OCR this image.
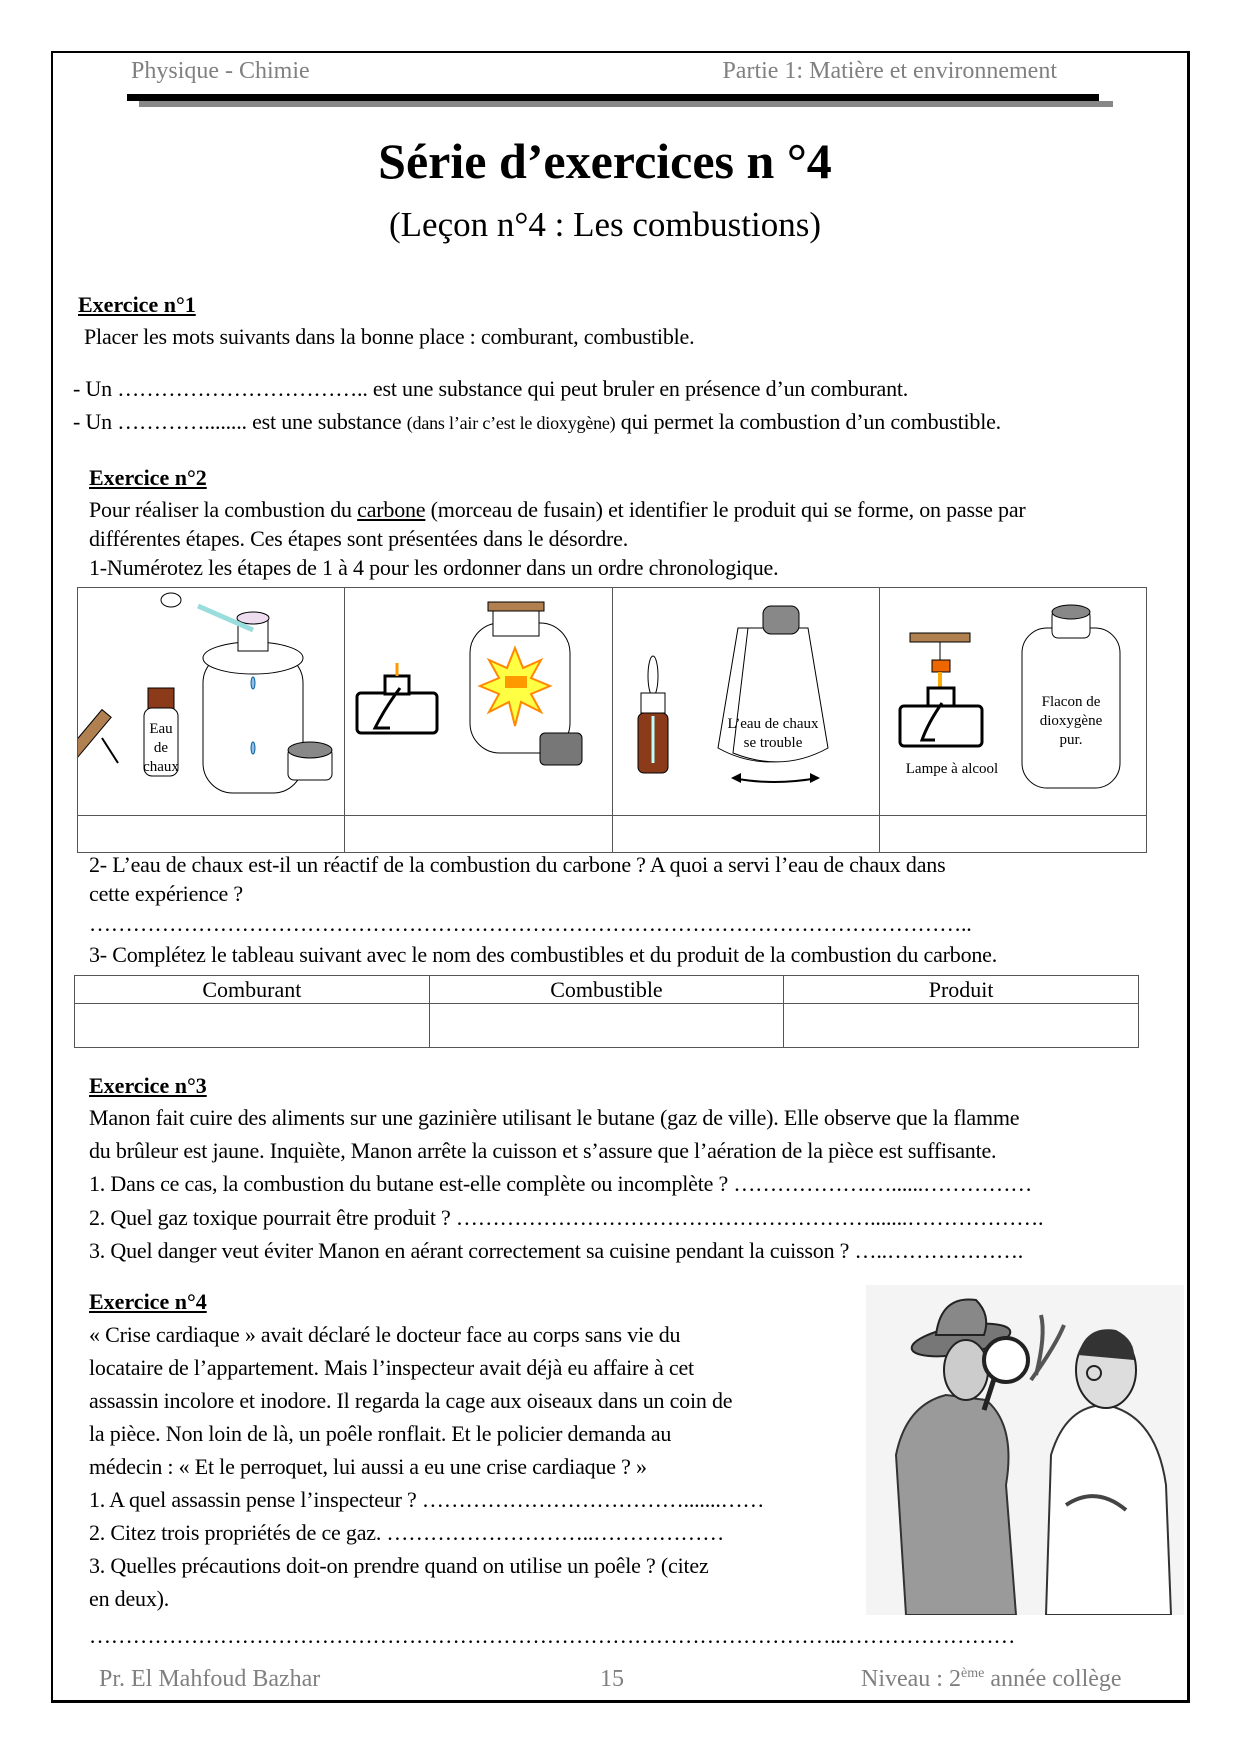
Physique - Chimie	Partie 1: Matière et environnement
Série d’exercices n °4
(Leçon n°4 : Les combustions)
Exercice n°1
Placer les mots suivants dans la bonne place : comburant, combustible.
- Un …………………………….. est une substance qui peut bruler en présence d’un comburant.
- Un …………........ est une substance (dans l’air c’est le dioxygène) qui permet la combustion d’un combustible.
Exercice n°2
Pour réaliser la combustion du carbone (morceau de fusain) et identifier le produit qui se forme, on passe par
différentes étapes. Ces étapes sont présentées dans le désordre.
1-Numérotez les étapes de 1 à 4 pour les ordonner dans un ordre chronologique.
Eau
de
chaux		L’eau de chaux
se trouble	Lampe à alcool
Flacon de
dioxygène
pur.

2- L’eau de chaux est-il un réactif de la combustion du carbone ? A quoi a servi l’eau de chaux dans
cette expérience ?
…………………………………………………………………………………………………………..
3- Complétez le tableau suivant avec le nom des combustibles et du produit de la combustion du carbone.
Comburant	Combustible	Produit

Exercice n°3
Manon fait cuire des aliments sur une gazinière utilisant le butane (gaz de ville). Elle observe que la flamme
du brûleur est jaune. Inquiète, Manon arrête la cuisson et s’assure que l’aération de la pièce est suffisante.
1. Dans ce cas, la combustion du butane est-elle complète ou incomplète ? ……………….…......……………
2. Quel gaz toxique pourrait être produit ? ………………………………………………….......……………….
3. Quel danger veut éviter Manon en aérant correctement sa cuisine pendant la cuisson ? …..……………….
Exercice n°4
« Crise cardiaque » avait déclaré le docteur face au corps sans vie du
locataire de l’appartement. Mais l’inspecteur avait déjà eu affaire à cet
assassin incolore et inodore. Il regarda la cage aux oiseaux dans un coin de
la pièce. Non loin de là, un poêle ronflait. Et le policier demanda au
médecin : « Et le perroquet, lui aussi a eu une crise cardiaque ? »
1. A quel assassin pense l’inspecteur ? ……………………………….......……
2. Citez trois propriétés de ce gaz. ………………………..………………
3. Quelles précautions doit-on prendre quand on utilise un poêle ? (citez
en deux).
…………………………………………………………………………………………..……………………
Pr. El Mahfoud Bazhar	15	Niveau : 2ème année collège
